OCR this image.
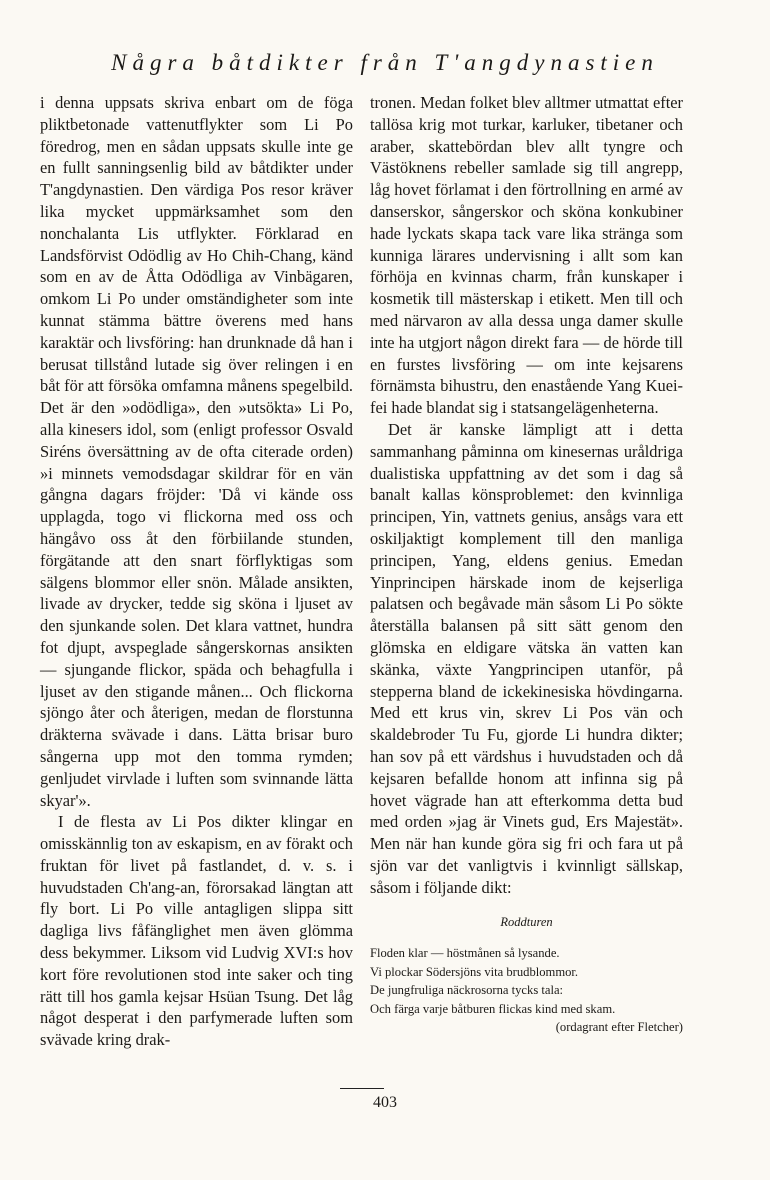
Några båtdikter från T'angdynastien

i denna uppsats skriva enbart om de föga pliktbetonade vattenutflykter som Li Po föredrog, men en sådan uppsats skulle inte ge en fullt sanningsenlig bild av båtdikter under T'angdynastien. Den värdiga Pos resor kräver lika mycket uppmärksamhet som den nonchalanta Lis utflykter. Förklarad en Landsförvist Odödlig av Ho Chih-Chang, känd som en av de Åtta Odödliga av Vinbägaren, omkom Li Po under omständigheter som inte kunnat stämma bättre överens med hans karaktär och livsföring: han drunknade då han i berusat tillstånd lutade sig över relingen i en båt för att försöka omfamna månens spegelbild. Det är den »odödliga», den »utsökta» Li Po, alla kinesers idol, som (enligt professor Osvald Siréns översättning av de ofta citerade orden) »i minnets vemodsdagar skildrar för en vän gångna dagars fröjder: 'Då vi kände oss upplagda, togo vi flickorna med oss och hängåvo oss åt den förbiilande stunden, förgätande att den snart förflyktigas som sälgens blommor eller snön. Målade ansikten, livade av drycker, tedde sig sköna i ljuset av den sjunkande solen. Det klara vattnet, hundra fot djupt, avspeglade sångerskornas ansikten — sjungande flickor, späda och behagfulla i ljuset av den stigande månen... Och flickorna sjöngo åter och återigen, medan de florstunna dräkterna svävade i dans. Lätta brisar buro sångerna upp mot den tomma rymden; genljudet virvlade i luften som svinnande lätta skyar'».

I de flesta av Li Pos dikter klingar en omisskännlig ton av eskapism, en av förakt och fruktan för livet på fastlandet, d. v. s. i huvudstaden Ch'ang-an, förorsakad längtan att fly bort. Li Po ville antagligen slippa sitt dagliga livs fåfänglighet men även glömma dess bekymmer. Liksom vid Ludvig XVI:s hov kort före revolutionen stod inte saker och ting rätt till hos gamla kejsar Hsüan Tsung. Det låg något desperat i den parfymerade luften som svävade kring drak-

tronen. Medan folket blev alltmer utmattat efter tallösa krig mot turkar, karluker, tibetaner och araber, skattebördan blev allt tyngre och Västöknens rebeller samlade sig till angrepp, låg hovet förlamat i den förtrollning en armé av danserskor, sångerskor och sköna konkubiner hade lyckats skapa tack vare lika stränga som kunniga lärares undervisning i allt som kan förhöja en kvinnas charm, från kunskaper i kosmetik till mästerskap i etikett. Men till och med närvaron av alla dessa unga damer skulle inte ha utgjort någon direkt fara — de hörde till en furstes livsföring — om inte kejsarens förnämsta bihustru, den enastående Yang Kuei-fei hade blandat sig i statsangelägenheterna.

Det är kanske lämpligt att i detta sammanhang påminna om kinesernas uråldriga dualistiska uppfattning av det som i dag så banalt kallas könsproblemet: den kvinnliga principen, Yin, vattnets genius, ansågs vara ett oskiljaktigt komplement till den manliga principen, Yang, eldens genius. Emedan Yinprincipen härskade inom de kejserliga palatsen och begåvade män såsom Li Po sökte återställa balansen på sitt sätt genom den glömska en eldigare vätska än vatten kan skänka, växte Yangprincipen utanför, på stepperna bland de ickekinesiska hövdingarna. Med ett krus vin, skrev Li Pos vän och skaldebroder Tu Fu, gjorde Li hundra dikter; han sov på ett värdshus i huvudstaden och då kejsaren befallde honom att infinna sig på hovet vägrade han att efterkomma detta bud med orden »jag är Vinets gud, Ers Majestät». Men när han kunde göra sig fri och fara ut på sjön var det vanligtvis i kvinnligt sällskap, såsom i följande dikt:

Roddturen
Floden klar — höstmånen så lysande.
Vi plockar Södersjöns vita brudblommor.
De jungfruliga näckrosorna tycks tala:
Och färga varje båtburen flickas kind med skam.
(ordagrant efter Fletcher)
403
